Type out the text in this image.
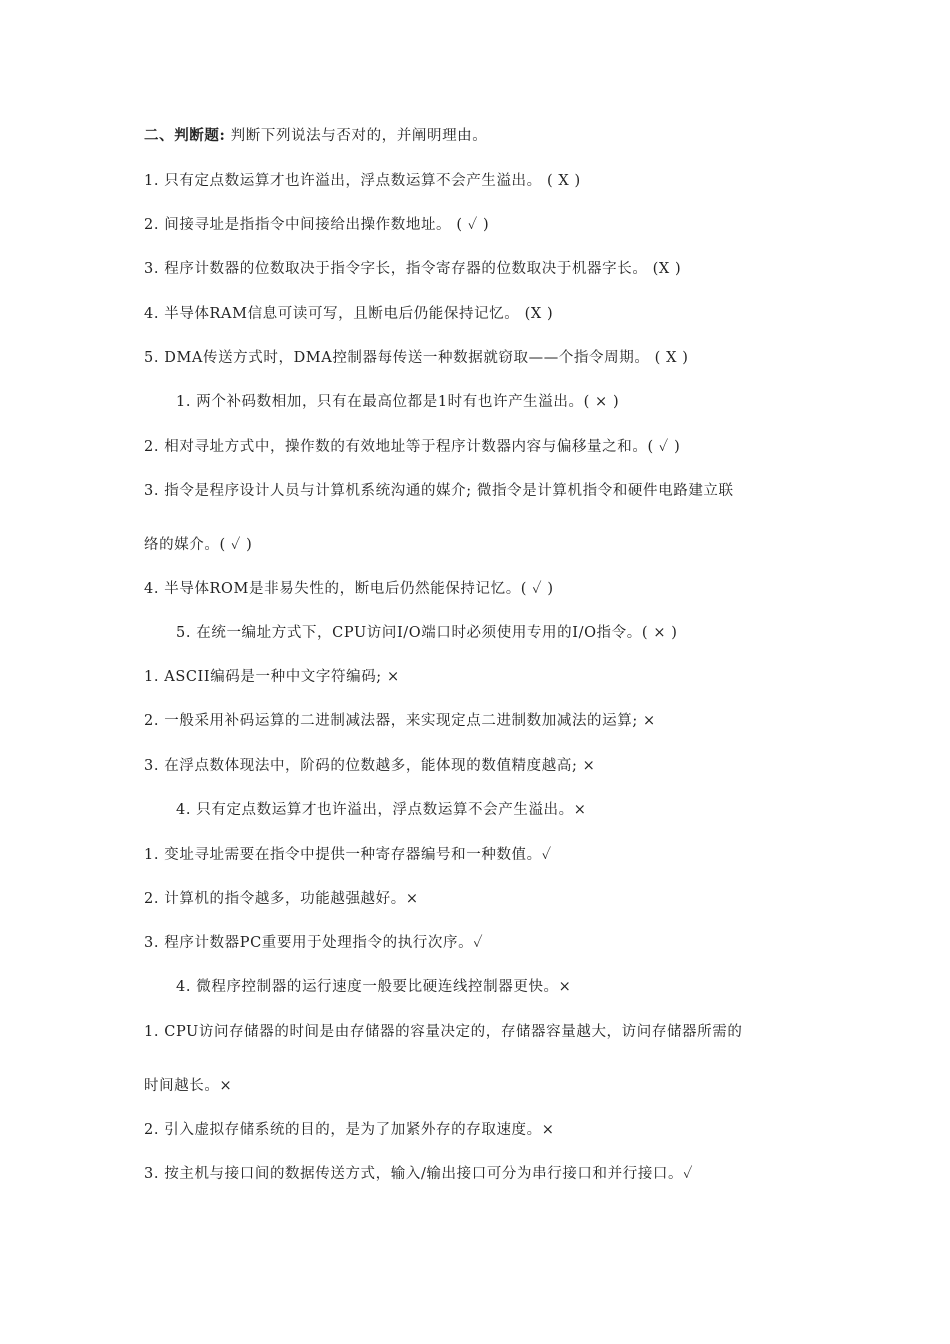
二、判断题: 判断下列说法与否对的，并阐明理由。
1. 只有定点数运算才也许溢出，浮点数运算不会产生溢出。 ( X )
2. 间接寻址是指指令中间接给出操作数地址。 ( ✓ )
3. 程序计数器的位数取决于指令字长，指令寄存器的位数取决于机器字长。 (X )
4. 半导体RAM信息可读可写，且断电后仍能保持记忆。 (X )
5. DMA传送方式时，DMA控制器每传送一种数据就窃取——个指令周期。 ( X )
1. 两个补码数相加，只有在最高位都是1时有也许产生溢出。( × )
2. 相对寻址方式中，操作数的有效地址等于程序计数器内容与偏移量之和。( ✓ )
3. 指令是程序设计人员与计算机系统沟通的媒介; 微指令是计算机指令和硬件电路建立联
络的媒介。( ✓ )
4. 半导体ROM是非易失性的，断电后仍然能保持记忆。( ✓ )
5. 在统一编址方式下，CPU访问I/O端口时必须使用专用的I/O指令。( × )
1. ASCII编码是一种中文字符编码; ×
2. 一般采用补码运算的二进制减法器，来实现定点二进制数加减法的运算; ×
3. 在浮点数体现法中，阶码的位数越多，能体现的数值精度越高; ×
4. 只有定点数运算才也许溢出，浮点数运算不会产生溢出。×
1. 变址寻址需要在指令中提供一种寄存器编号和一种数值。✓
2. 计算机的指令越多，功能越强越好。×
3. 程序计数器PC重要用于处理指令的执行次序。✓
4. 微程序控制器的运行速度一般要比硬连线控制器更快。×
1. CPU访问存储器的时间是由存储器的容量决定的，存储器容量越大，访问存储器所需的
时间越长。×
2. 引入虚拟存储系统的目的，是为了加紧外存的存取速度。×
3. 按主机与接口间的数据传送方式，输入/输出接口可分为串行接口和并行接口。✓
